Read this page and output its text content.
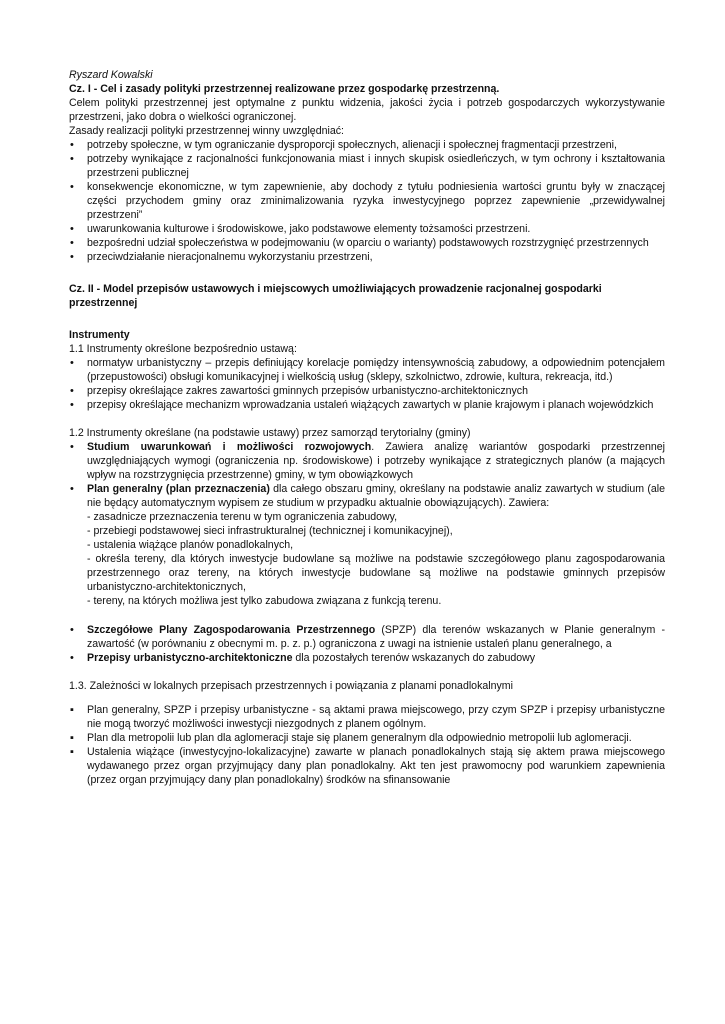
Ryszard Kowalski

Cz. I - Cel i zasady polityki przestrzennej realizowane przez gospodarkę przestrzenną.

Celem polityki przestrzennej jest optymalne z punktu widzenia, jakości życia i potrzeb gospodarczych wykorzystywanie przestrzeni, jako dobra o wielkości ograniczonej.

Zasady realizacji polityki przestrzennej winny uwzględniać:

• potrzeby społeczne, w tym ograniczanie dysproporcji społecznych, alienacji i społecznej fragmentacji przestrzeni,
• potrzeby wynikające z racjonalności funkcjonowania miast i innych skupisk osiedleńczych, w tym ochrony i kształtowania przestrzeni publicznej
• konsekwencje ekonomiczne, w tym zapewnienie, aby dochody z tytułu podniesienia wartości gruntu były w znaczącej części przychodem gminy oraz zminimalizowania ryzyka inwestycyjnego poprzez zapewnienie „przewidywalnej przestrzeni”
• uwarunkowania kulturowe i środowiskowe, jako podstawowe elementy tożsamości przestrzeni.
• bezpośredni udział społeczeństwa w podejmowaniu (w oparciu o warianty) podstawowych rozstrzygnięć przestrzennych
• przeciwdziałanie nieracjonalnemu wykorzystaniu przestrzeni,

Cz. II - Model przepisów ustawowych i miejscowych umożliwiających prowadzenie racjonalnej gospodarki przestrzennej

Instrumenty

1.1 Instrumenty określone bezpośrednio ustawą:

• normatyw urbanistyczny – przepis definiujący korelacje pomiędzy intensywnością zabudowy, a odpowiednim potencjałem (przepustowości) obsługi komunikacyjnej i wielkością usług (sklepy, szkolnictwo, zdrowie, kultura, rekreacja, itd.)
• przepisy określające zakres zawartości gminnych przepisów urbanistyczno-architektonicznych
• przepisy określające mechanizm wprowadzania ustaleń wiążących zawartych w planie krajowym i planach wojewódzkich

1.2 Instrumenty określane (na podstawie ustawy) przez samorząd terytorialny (gminy)

• Studium uwarunkowań i możliwości rozwojowych. Zawiera analizę wariantów gospodarki przestrzennej uwzględniających wymogi (ograniczenia np. środowiskowe) i potrzeby wynikające z strategicznych planów (a mających wpływ na rozstrzygnięcia przestrzenne) gminy, w tym obowiązkowych
• Plan generalny (plan przeznaczenia) dla całego obszaru gminy, określany na podstawie analiz zawartych w studium (ale nie będący automatycznym wypisem ze studium w przypadku aktualnie obowiązujących). Zawiera:
- zasadnicze przeznaczenia terenu w tym ograniczenia zabudowy,
- przebiegi podstawowej sieci infrastrukturalnej (technicznej i komunikacyjnej),
- ustalenia wiążące planów ponadlokalnych,
- określa tereny, dla których inwestycje budowlane są możliwe na podstawie szczegółowego planu zagospodarowania przestrzennego oraz tereny, na których inwestycje budowlane są możliwe na podstawie gminnych przepisów urbanistyczno-architektonicznych,
- tereny, na których możliwa jest tylko zabudowa związana z funkcją terenu.
• Szczegółowe Plany Zagospodarowania Przestrzennego (SPZP) dla terenów wskazanych w Planie generalnym - zawartość (w porównaniu z obecnymi m. p. z. p.) ograniczona z uwagi na istnienie ustaleń planu generalnego, a
• Przepisy urbanistyczno-architektoniczne dla pozostałych terenów wskazanych do zabudowy

1.3. Zależności w lokalnych przepisach przestrzennych i powiązania z planami ponadlokalnymi

▪ Plan generalny, SPZP i przepisy urbanistyczne - są aktami prawa miejscowego, przy czym SPZP i przepisy urbanistyczne nie mogą tworzyć możliwości inwestycji niezgodnych z planem ogólnym.
▪ Plan dla metropolii lub plan dla aglomeracji staje się planem generalnym dla odpowiednio metropolii lub aglomeracji.
▪ Ustalenia wiążące (inwestycyjno-lokalizacyjne) zawarte w planach ponadlokalnych stają się aktem prawa miejscowego wydawanego przez organ przyjmujący dany plan ponadlokalny. Akt ten jest prawomocny pod warunkiem zapewnienia (przez organ przyjmujący dany plan ponadlokalny) środków na sfinansowanie
